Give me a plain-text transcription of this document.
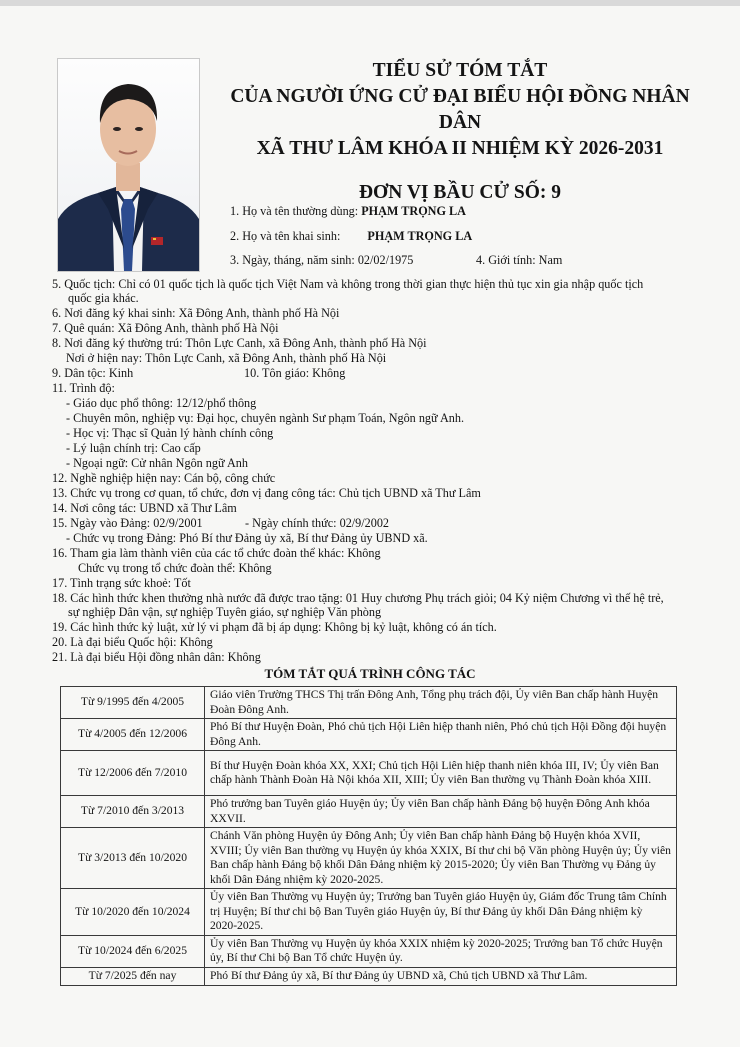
TIỂU SỬ TÓM TẮT
CỦA NGƯỜI ỨNG CỬ ĐẠI BIỂU HỘI ĐỒNG NHÂN DÂN
XÃ THƯ LÂM KHÓA II NHIỆM KỲ 2026-2031
ĐƠN VỊ BẦU CỬ SỐ: 9
1. Họ và tên thường dùng: PHẠM TRỌNG LA
2. Họ và tên khai sinh: PHẠM TRỌNG LA
3. Ngày, tháng, năm sinh: 02/02/1975	4. Giới tính: Nam
5. Quốc tịch: Chỉ có 01 quốc tịch là quốc tịch Việt Nam và không trong thời gian thực hiện thủ tục xin gia nhập quốc tịch
quốc gia khác.
6. Nơi đăng ký khai sinh: Xã Đông Anh, thành phố Hà Nội
7. Quê quán: Xã Đông Anh, thành phố Hà Nội
8. Nơi đăng ký thường trú: Thôn Lực Canh, xã Đông Anh, thành phố Hà Nội
Nơi ở hiện nay: Thôn Lực Canh, xã Đông Anh, thành phố Hà Nội
9. Dân tộc: Kinh	10. Tôn giáo: Không
11. Trình độ:
- Giáo dục phổ thông: 12/12/phổ thông
- Chuyên môn, nghiệp vụ: Đại học, chuyên ngành Sư phạm Toán, Ngôn ngữ Anh.
- Học vị: Thạc sĩ Quản lý hành chính công
- Lý luận chính trị: Cao cấp
- Ngoại ngữ: Cử nhân Ngôn ngữ Anh
12. Nghề nghiệp hiện nay: Cán bộ, công chức
13. Chức vụ trong cơ quan, tổ chức, đơn vị đang công tác: Chủ tịch UBND xã Thư Lâm
14. Nơi công tác: UBND xã Thư Lâm
15. Ngày vào Đảng: 02/9/2001	- Ngày chính thức: 02/9/2002
- Chức vụ trong Đảng: Phó Bí thư Đảng ủy xã, Bí thư Đảng ủy UBND xã.
16. Tham gia làm thành viên của các tổ chức đoàn thể khác: Không
Chức vụ trong tổ chức đoàn thể: Không
17. Tình trạng sức khoẻ: Tốt
18. Các hình thức khen thưởng nhà nước đã được trao tặng: 01 Huy chương Phụ trách giỏi; 04 Kỷ niệm Chương vì thế hệ trẻ,
sự nghiệp Dân vận, sự nghiệp Tuyên giáo, sự nghiệp Văn phòng
19. Các hình thức kỷ luật, xử lý vi phạm đã bị áp dụng: Không bị kỷ luật, không có án tích.
20. Là đại biểu Quốc hội: Không
21. Là đại biểu Hội đồng nhân dân: Không
TÓM TẮT QUÁ TRÌNH CÔNG TÁC
Từ 9/1995 đến 4/2005	Giáo viên Trường THCS Thị trấn Đông Anh, Tổng phụ trách đội, Ủy viên Ban chấp hành Huyện Đoàn Đông Anh.
Từ 4/2005 đến 12/2006	Phó Bí thư Huyện Đoàn, Phó chủ tịch Hội Liên hiệp thanh niên, Phó chủ tịch Hội Đồng đội huyện Đông Anh.
Từ 12/2006 đến 7/2010	Bí thư Huyện Đoàn khóa XX, XXI; Chủ tịch Hội Liên hiệp thanh niên khóa III, IV; Ủy viên Ban chấp hành Thành Đoàn Hà Nội khóa XII, XIII; Ủy viên Ban thường vụ Thành Đoàn khóa XIII.
Từ 7/2010 đến 3/2013	Phó trưởng ban Tuyên giáo Huyện ủy; Ủy viên Ban chấp hành Đảng bộ huyện Đông Anh khóa XXVII.
Từ 3/2013 đến 10/2020	Chánh Văn phòng Huyện ủy Đông Anh; Ủy viên Ban chấp hành Đảng bộ Huyện khóa XVII, XVIII; Ủy viên Ban thường vụ Huyện ủy khóa XXIX, Bí thư chi bộ Văn phòng Huyện ủy; Ủy viên Ban chấp hành Đảng bộ khối Dân Đảng nhiệm kỳ 2015-2020; Ủy viên Ban Thường vụ Đảng ủy khối Dân Đảng nhiệm kỳ 2020-2025.
Từ 10/2020 đến 10/2024	Ủy viên Ban Thường vụ Huyện ủy; Trưởng ban Tuyên giáo Huyện ủy, Giám đốc Trung tâm Chính trị Huyện; Bí thư chi bộ Ban Tuyên giáo Huyện ủy, Bí thư Đảng ủy khối Dân Đảng nhiệm kỳ 2020-2025.
Từ 10/2024 đến 6/2025	Ủy viên Ban Thường vụ Huyện ủy khóa XXIX nhiệm kỳ 2020-2025; Trưởng ban Tổ chức Huyện ủy, Bí thư Chi bộ Ban Tổ chức Huyện ủy.
Từ 7/2025 đến nay	Phó Bí thư Đảng ủy xã, Bí thư Đảng ủy UBND xã, Chủ tịch UBND xã Thư Lâm.
